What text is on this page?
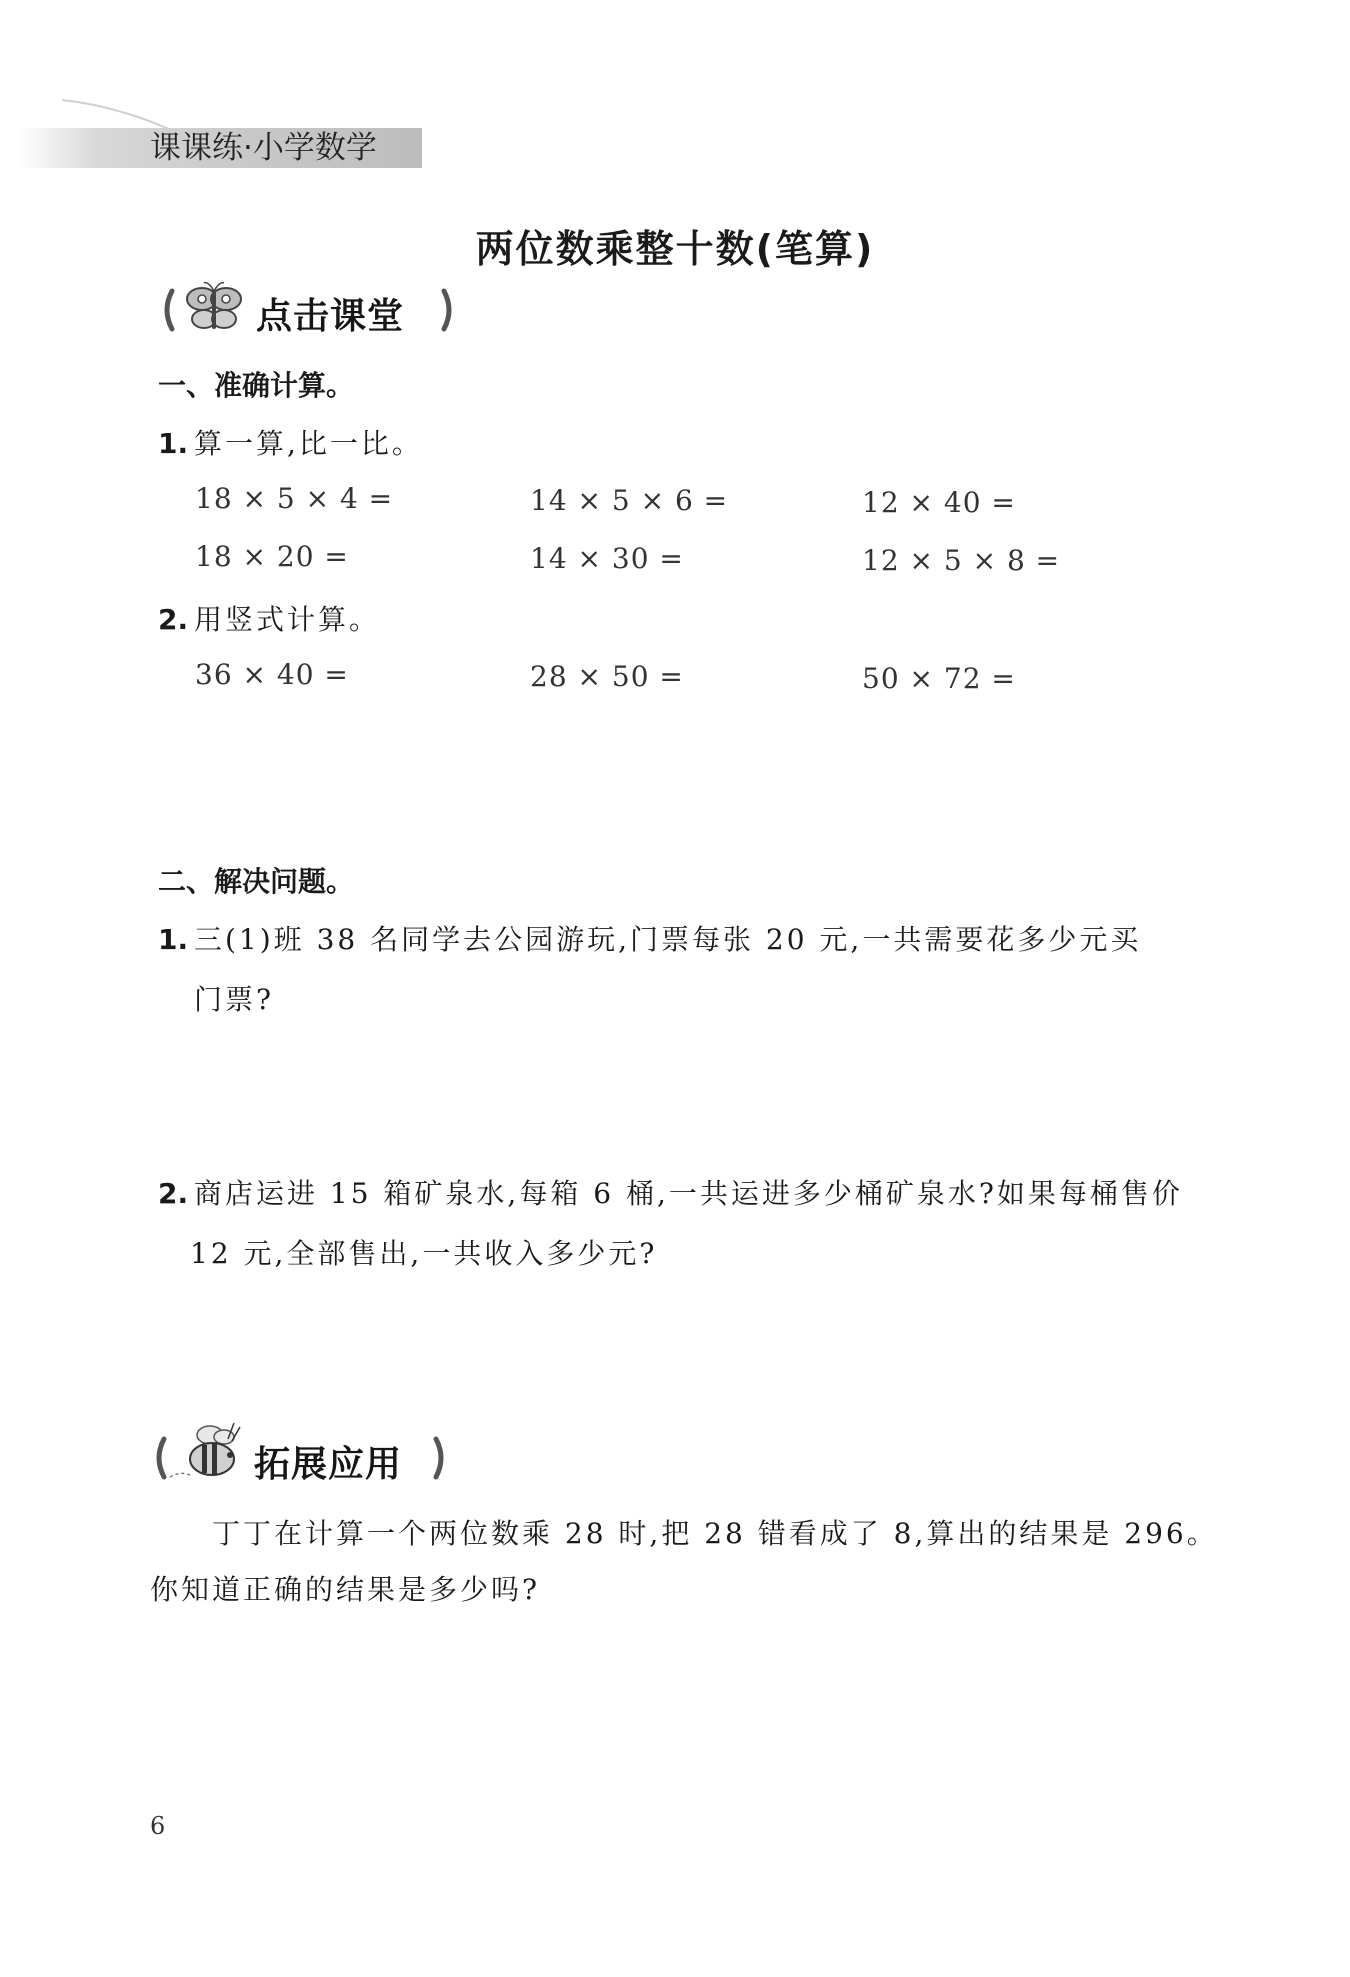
课课练·小学数学
两位数乘整十数(笔算)
点击课堂
一、准确计算。
1. 算一算,比一比。
18 × 5 × 4 =	14 × 5 × 6 =	12 × 40 =
18 × 20 =	14 × 30 =	12 × 5 × 8 =
2. 用竖式计算。
36 × 40 =	28 × 50 =	50 × 72 =
二、解决问题。
1. 三(1)班 38 名同学去公园游玩,门票每张 20 元,一共需要花多少元买
门票?
2. 商店运进 15 箱矿泉水,每箱 6 桶,一共运进多少桶矿泉水?如果每桶售价
12 元,全部售出,一共收入多少元?
拓展应用
丁丁在计算一个两位数乘 28 时,把 28 错看成了 8,算出的结果是 296。
你知道正确的结果是多少吗?
6
